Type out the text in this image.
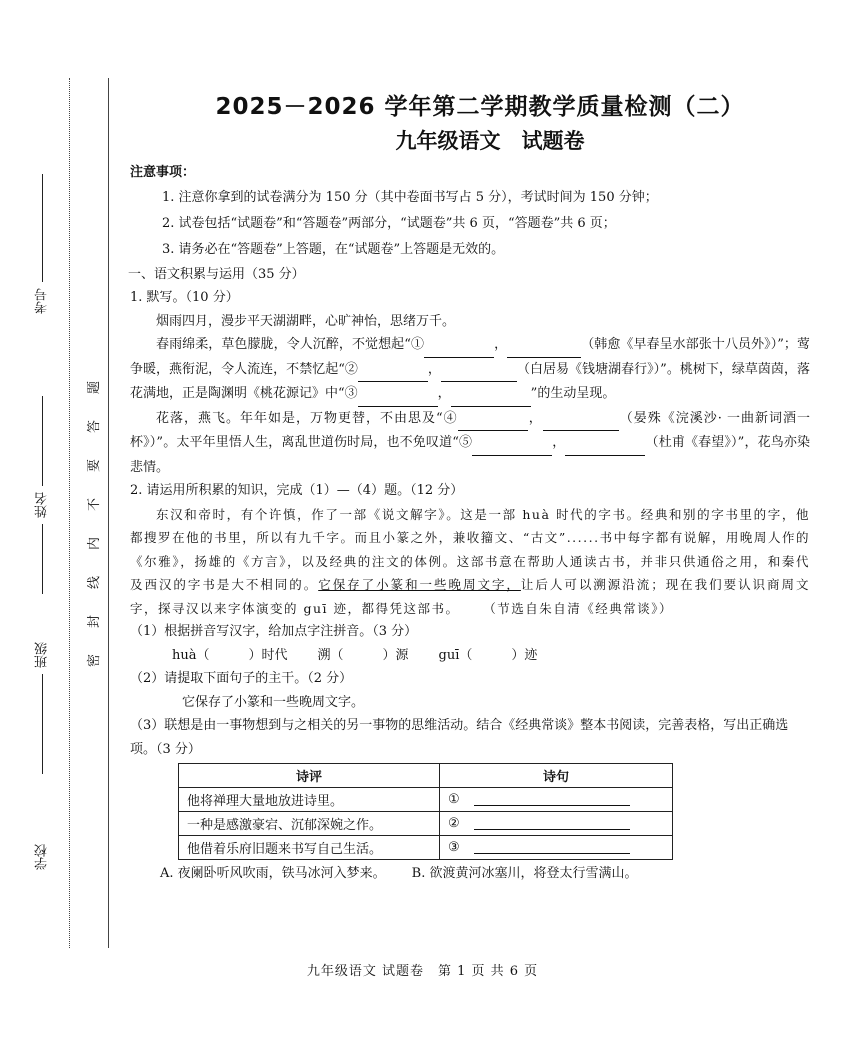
考号
姓名
班级
学校
题
答
要
不
内
线
封
密
2025－2026 学年第二学期教学质量检测（二）
九年级语文　试题卷
注意事项：
1. 注意你拿到的试卷满分为 150 分（其中卷面书写占 5 分），考试时间为 150 分钟；
2. 试卷包括“试题卷”和“答题卷”两部分，“试题卷”共 6 页，“答题卷”共 6 页；
3. 请务必在“答题卷”上答题，在“试题卷”上答题是无效的。
一、语文积累与运用（35 分）
1. 默写。（10 分）
烟雨四月，漫步平天湖湖畔，心旷神怡，思绪万千。
春雨绵柔，草色朦胧，令人沉醉，不觉想起“①	，	（韩愈《早春呈水部张十八员外》）”；莺争暖，燕衔泥，令人流连，不禁忆起“②	，	（白居易《钱塘湖春行》）”。桃树下，绿草茵茵，落花满地，正是陶渊明《桃花源记》中“③	，	”的生动呈现。
花落，燕飞。年年如是，万物更替，不由思及“④	，	（晏殊《浣溪沙· 一曲新词酒一杯》）”。太平年里悟人生，离乱世道伤时局，也不免叹道“⑤	，	（杜甫《春望》）”，花鸟亦染悲情。
2. 请运用所积累的知识，完成（1）—（4）题。（12 分）
东汉和帝时，有个许慎，作了一部《说文解字》。这是一部 huà 时代的字书。经典和别的字书里的字，他都搜罗在他的书里，所以有九千字。而且小篆之外，兼收籀文、“古文”......书中每字都有说解，用晚周人作的《尔雅》，扬雄的《方言》，以及经典的注文的体例。这部书意在帮助人通读古书，并非只供通俗之用，和秦代及西汉的字书是大不相同的。它保存了小篆和一些晚周文字，让后人可以溯源沿流；现在我们要认识商周文字，探寻汉以来字体演变的 guī 迹，都得凭这部书。 （节选自朱自清《经典常谈》）
（1）根据拼音写汉字，给加点字注拼音。（3 分）
huà（　　　）时代 溯（　　　）源 guī（　　　）迹
（2）请提取下面句子的主干。（2 分）
它保存了小篆和一些晚周文字。
（3）联想是由一事物想到与之相关的另一事物的思维活动。结合《经典常谈》整本书阅读，完善表格，写出正确选项。（3 分）
诗评	诗句
他将禅理大量地放进诗里。	①
一种是感激豪宕、沉郁深婉之作。	②
他借着乐府旧题来书写自己生活。	③
A. 夜阑卧听风吹雨，铁马冰河入梦来。 B. 欲渡黄河冰塞川，将登太行雪满山。
九年级语文 试题卷　第 1 页 共 6 页
